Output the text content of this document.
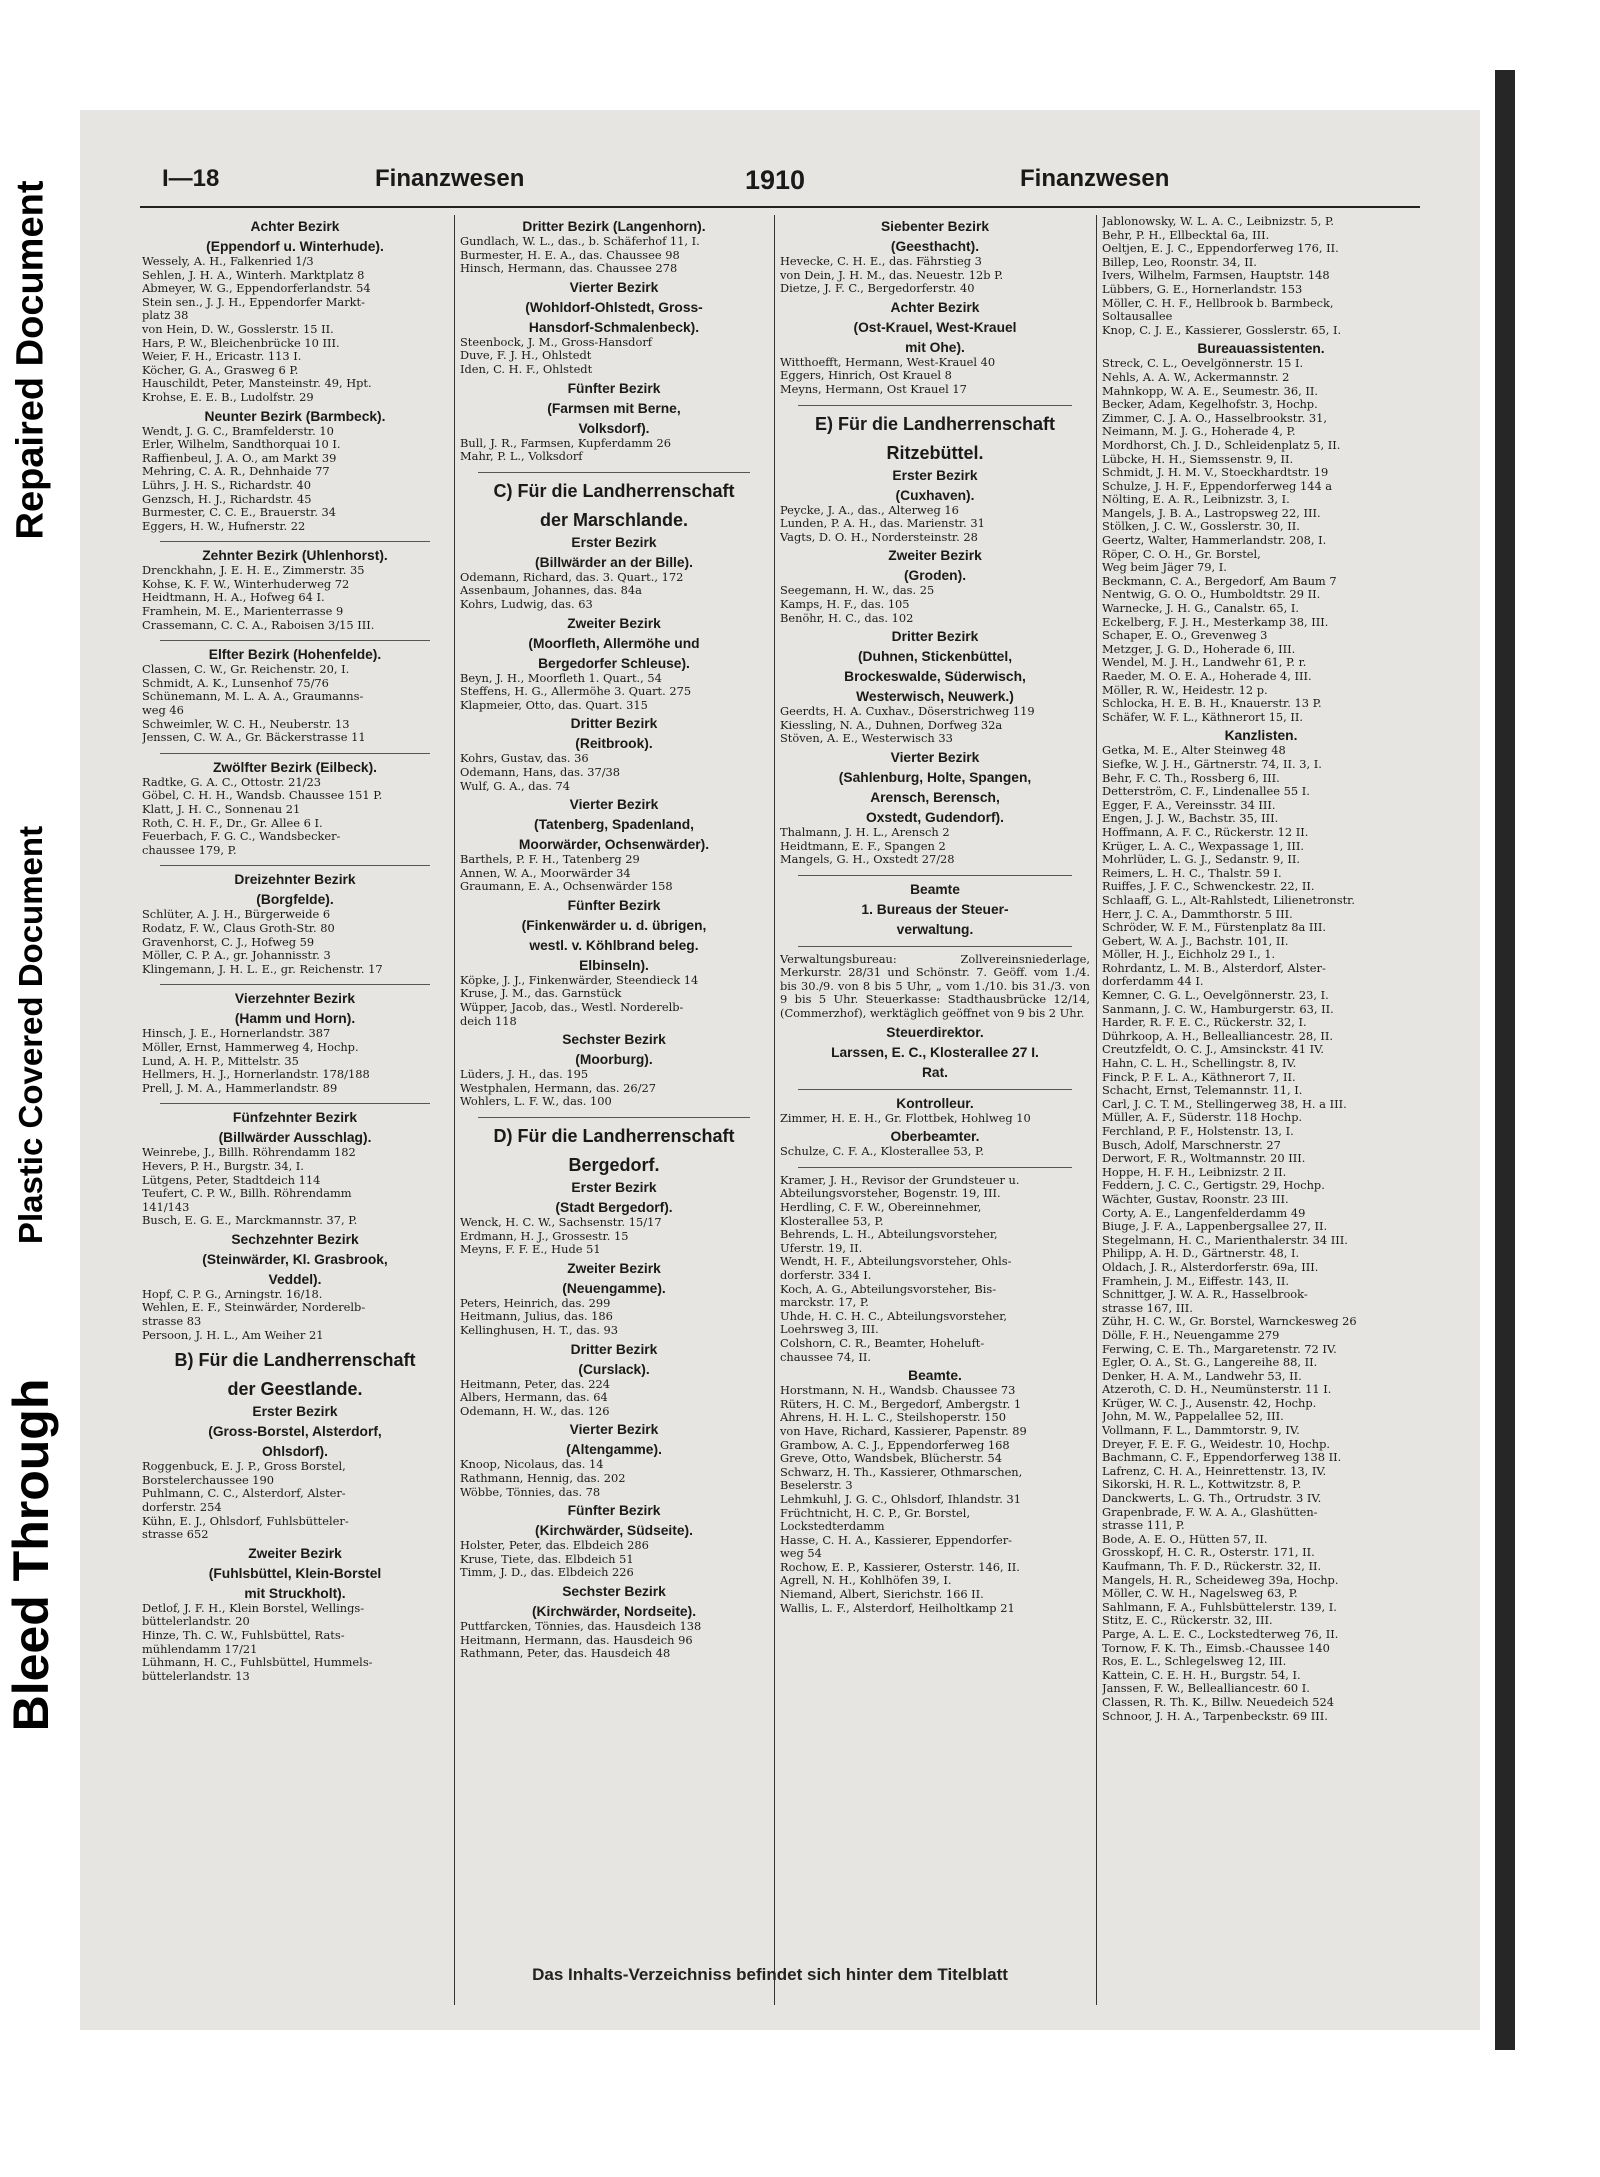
Repaired Document
Plastic Covered Document
Bleed Through
I—18	Finanzwesen	1910	Finanzwesen
Achter Bezirk
(Eppendorf u. Winterhude).
Wessely, A. H., Falkenried 1/3
Sehlen, J. H. A., Winterh. Marktplatz 8
Abmeyer, W. G., Eppendorferlandstr. 54
Stein sen., J. J. H., Eppendorfer Markt-
platz 38
von Hein, D. W., Gosslerstr. 15 II.
Hars, P. W., Bleichenbrücke 10 III.
Weier, F. H., Ericastr. 113 I.
Köcher, G. A., Grasweg 6 P.
Hauschildt, Peter, Mansteinstr. 49, Hpt.
Krohse, E. E. B., Ludolfstr. 29
Neunter Bezirk (Barmbeck).
Wendt, J. G. C., Bramfelderstr. 10
Erler, Wilhelm, Sandthorquai 10 I.
Raffienbeul, J. A. O., am Markt 39
Mehring, C. A. R., Dehnhaide 77
Lührs, J. H. S., Richardstr. 40
Genzsch, H. J., Richardstr. 45
Burmester, C. C. E., Brauerstr. 34
Eggers, H. W., Hufnerstr. 22
Zehnter Bezirk (Uhlenhorst).
Drenckhahn, J. E. H. E., Zimmerstr. 35
Kohse, K. F. W., Winterhuderweg 72
Heidtmann, H. A., Hofweg 64 I.
Framhein, M. E., Marienterrasse 9
Crassemann, C. C. A., Raboisen 3/15 III.
Elfter Bezirk (Hohenfelde).
Classen, C. W., Gr. Reichenstr. 20, I.
Schmidt, A. K., Lunsenhof 75/76
Schünemann, M. L. A. A., Graumanns-
weg 46
Schweimler, W. C. H., Neuberstr. 13
Jenssen, C. W. A., Gr. Bäckerstrasse 11
Zwölfter Bezirk (Eilbeck).
Radtke, G. A. C., Ottostr. 21/23
Göbel, C. H. H., Wandsb. Chaussee 151 P.
Klatt, J. H. C., Sonnenau 21
Roth, C. H. F., Dr., Gr. Allee 6 I.
Feuerbach, F. G. C., Wandsbecker-
chaussee 179, P.
Dreizehnter Bezirk
(Borgfelde).
Schlüter, A. J. H., Bürgerweide 6
Rodatz, F. W., Claus Groth-Str. 80
Gravenhorst, C. J., Hofweg 59
Möller, C. P. A., gr. Johannisstr. 3
Klingemann, J. H. L. E., gr. Reichenstr. 17
Vierzehnter Bezirk
(Hamm und Horn).
Hinsch, J. E., Hornerlandstr. 387
Möller, Ernst, Hammerweg 4, Hochp.
Lund, A. H. P., Mittelstr. 35
Hellmers, H. J., Hornerlandstr. 178/188
Prell, J. M. A., Hammerlandstr. 89
Fünfzehnter Bezirk
(Billwärder Ausschlag).
Weinrebe, J., Billh. Röhrendamm 182
Hevers, P. H., Burgstr. 34, I.
Lütgens, Peter, Stadtdeich 114
Teufert, C. P. W., Billh. Röhrendamm
141/143
Busch, E. G. E., Marckmannstr. 37, P.
Sechzehnter Bezirk
(Steinwärder, Kl. Grasbrook,
Veddel).
Hopf, C. P. G., Arningstr. 16/18.
Wehlen, E. F., Steinwärder, Norderelb-
strasse 83
Persoon, J. H. L., Am Weiher 21
B) Für die Landherrenschaft
der Geestlande.
Erster Bezirk
(Gross-Borstel, Alsterdorf,
Ohlsdorf).
Roggenbuck, E. J. P., Gross Borstel,
Borstelerchaussee 190
Puhlmann, C. C., Alsterdorf, Alster-
dorferstr. 254
Kühn, E. J., Ohlsdorf, Fuhlsbütteler-
strasse 652
Zweiter Bezirk
(Fuhlsbüttel, Klein-Borstel
mit Struckholt).
Detlof, J. F. H., Klein Borstel, Wellings-
büttelerlandstr. 20
Hinze, Th. C. W., Fuhlsbüttel, Rats-
mühlendamm 17/21
Lühmann, H. C., Fuhlsbüttel, Hummels-
büttelerlandstr. 13
Dritter Bezirk (Langenhorn).
Gundlach, W. L., das., b. Schäferhof 11, I.
Burmester, H. E. A., das. Chaussee 98
Hinsch, Hermann, das. Chaussee 278
Vierter Bezirk
(Wohldorf-Ohlstedt, Gross-
Hansdorf-Schmalenbeck).
Steenbock, J. M., Gross-Hansdorf
Duve, F. J. H., Ohlstedt
Iden, C. H. F., Ohlstedt
Fünfter Bezirk
(Farmsen mit Berne,
Volksdorf).
Bull, J. R., Farmsen, Kupferdamm 26
Mahr, P. L., Volksdorf
C) Für die Landherrenschaft
der Marschlande.
Erster Bezirk
(Billwärder an der Bille).
Odemann, Richard, das. 3. Quart., 172
Assenbaum, Johannes, das. 84a
Kohrs, Ludwig, das. 63
Zweiter Bezirk
(Moorfleth, Allermöhe und
Bergedorfer Schleuse).
Beyn, J. H., Moorfleth 1. Quart., 54
Steffens, H. G., Allermöhe 3. Quart. 275
Klapmeier, Otto, das. Quart. 315
Dritter Bezirk
(Reitbrook).
Kohrs, Gustav, das. 36
Odemann, Hans, das. 37/38
Wulf, G. A., das. 74
Vierter Bezirk
(Tatenberg, Spadenland,
Moorwärder, Ochsenwärder).
Barthels, P. F. H., Tatenberg 29
Annen, W. A., Moorwärder 34
Graumann, E. A., Ochsenwärder 158
Fünfter Bezirk
(Finkenwärder u. d. übrigen,
westl. v. Köhlbrand beleg.
Elbinseln).
Köpke, J. J., Finkenwärder, Steendieck 14
Kruse, J. M., das. Garnstück
Wüpper, Jacob, das., Westl. Norderelb-
deich 118
Sechster Bezirk
(Moorburg).
Lüders, J. H., das. 195
Westphalen, Hermann, das. 26/27
Wohlers, L. F. W., das. 100
D) Für die Landherrenschaft
Bergedorf.
Erster Bezirk
(Stadt Bergedorf).
Wenck, H. C. W., Sachsenstr. 15/17
Erdmann, H. J., Grossestr. 15
Meyns, F. F. E., Hude 51
Zweiter Bezirk
(Neuengamme).
Peters, Heinrich, das. 299
Heitmann, Julius, das. 186
Kellinghusen, H. T., das. 93
Dritter Bezirk
(Curslack).
Heitmann, Peter, das. 224
Albers, Hermann, das. 64
Odemann, H. W., das. 126
Vierter Bezirk
(Altengamme).
Knoop, Nicolaus, das. 14
Rathmann, Hennig, das. 202
Wöbbe, Tönnies, das. 78
Fünfter Bezirk
(Kirchwärder, Südseite).
Holster, Peter, das. Elbdeich 286
Kruse, Tiete, das. Elbdeich 51
Timm, J. D., das. Elbdeich 226
Sechster Bezirk
(Kirchwärder, Nordseite).
Puttfarcken, Tönnies, das. Hausdeich 138
Heitmann, Hermann, das. Hausdeich 96
Rathmann, Peter, das. Hausdeich 48
Siebenter Bezirk
(Geesthacht).
Hevecke, C. H. E., das. Fährstieg 3
von Dein, J. H. M., das. Neuestr. 12b P.
Dietze, J. F. C., Bergedorferstr. 40
Achter Bezirk
(Ost-Krauel, West-Krauel
mit Ohe).
Witthoefft, Hermann, West-Krauel 40
Eggers, Hinrich, Ost Krauel 8
Meyns, Hermann, Ost Krauel 17
E) Für die Landherrenschaft
Ritzebüttel.
Erster Bezirk
(Cuxhaven).
Peycke, J. A., das., Alterweg 16
Lunden, P. A. H., das. Marienstr. 31
Vagts, D. O. H., Nordersteinstr. 28
Zweiter Bezirk
(Groden).
Seegemann, H. W., das. 25
Kamps, H. F., das. 105
Benöhr, H. C., das. 102
Dritter Bezirk
(Duhnen, Stickenbüttel,
Brockeswalde, Süderwisch,
Westerwisch, Neuwerk.)
Geerdts, H. A. Cuxhav., Döserstrichweg 119
Kiessling, N. A., Duhnen, Dorfweg 32a
Stöven, A. E., Westerwisch 33
Vierter Bezirk
(Sahlenburg, Holte, Spangen,
Arensch, Berensch,
Oxstedt, Gudendorf).
Thalmann, J. H. L., Arensch 2
Heidtmann, E. F., Spangen 2
Mangels, G. H., Oxstedt 27/28
Beamte
1. Bureaus der Steuer-
verwaltung.
Verwaltungsbureau: Zollvereinsniederlage, Merkurstr. 28/31 und Schönstr. 7. Geöff. vom 1./4. bis 30./9. von 8 bis 5 Uhr, „ vom 1./10. bis 31./3. von 9 bis 5 Uhr. Steuerkasse: Stadthausbrücke 12/14, (Commerzhof), werktäglich geöffnet von 9 bis 2 Uhr.
Steuerdirektor.
Larssen, E. C., Klosterallee 27 I.
Rat.
Kontrolleur.
Zimmer, H. E. H., Gr. Flottbek, Hohlweg 10
Oberbeamter.
Schulze, C. F. A., Klosterallee 53, P.
Kramer, J. H., Revisor der Grundsteuer u.
Abteilungsvorsteher, Bogenstr. 19, III.
Herdling, C. F. W., Obereinnehmer,
Klosterallee 53, P.
Behrends, L. H., Abteilungsvorsteher,
Uferstr. 19, II.
Wendt, H. F., Abteilungsvorsteher, Ohls-
dorferstr. 334 I.
Koch, A. G., Abteilungsvorsteher, Bis-
marckstr. 17, P.
Uhde, H. C. H. C., Abteilungsvorsteher,
Loehrsweg 3, III.
Colshorn, C. R., Beamter, Hoheluft-
chaussee 74, II.
Beamte.
Horstmann, N. H., Wandsb. Chaussee 73
Rüters, H. C. M., Bergedorf, Ambergstr. 1
Ahrens, H. H. L. C., Steilshoperstr. 150
von Have, Richard, Kassierer, Papenstr. 89
Grambow, A. C. J., Eppendorferweg 168
Greve, Otto, Wandsbek, Blücherstr. 54
Schwarz, H. Th., Kassierer, Othmarschen,
Beselerstr. 3
Lehmkuhl, J. G. C., Ohlsdorf, Ihlandstr. 31
Früchtnicht, H. C. P., Gr. Borstel,
Lockstedterdamm
Hasse, C. H. A., Kassierer, Eppendorfer-
weg 54
Rochow, E. P., Kassierer, Osterstr. 146, II.
Agrell, N. H., Kohlhöfen 39, I.
Niemand, Albert, Sierichstr. 166 II.
Wallis, L. F., Alsterdorf, Heilholtkamp 21
Jablonowsky, W. L. A. C., Leibnizstr. 5, P.
Behr, P. H., Ellbecktal 6a, III.
Oeltjen, E. J. C., Eppendorferweg 176, II.
Billep, Leo, Roonstr. 34, II.
Ivers, Wilhelm, Farmsen, Hauptstr. 148
Lübbers, G. E., Hornerlandstr. 153
Möller, C. H. F., Hellbrook b. Barmbeck,
Soltausallee
Knop, C. J. E., Kassierer, Gosslerstr. 65, I.
Bureauassistenten.
Streck, C. L., Oevelgönnerstr. 15 I.
Nehls, A. A. W., Ackermannstr. 2
Mahnkopp, W. A. E., Seumestr. 36, II.
Becker, Adam, Kegelhofstr. 3, Hochp.
Zimmer, C. J. A. O., Hasselbrookstr. 31,
Neimann, M. J. G., Hoherade 4, P.
Mordhorst, Ch. J. D., Schleidenplatz 5, II.
Lübcke, H. H., Siemssenstr. 9, II.
Schmidt, J. H. M. V., Stoeckhardtstr. 19
Schulze, J. H. F., Eppendorferweg 144 a
Nölting, E. A. R., Leibnizstr. 3, I.
Mangels, J. B. A., Lastropsweg 22, III.
Stölken, J. C. W., Gosslerstr. 30, II.
Geertz, Walter, Hammerlandstr. 208, I.
Röper, C. O. H., Gr. Borstel,
Weg beim Jäger 79, I.
Beckmann, C. A., Bergedorf, Am Baum 7
Nentwig, G. O. O., Humboldtstr. 29 II.
Warnecke, J. H. G., Canalstr. 65, I.
Eckelberg, F. J. H., Mesterkamp 38, III.
Schaper, E. O., Grevenweg 3
Metzger, J. G. D., Hoherade 6, III.
Wendel, M. J. H., Landwehr 61, P. r.
Raeder, M. O. E. A., Hoherade 4, III.
Möller, R. W., Heidestr. 12 p.
Schlocka, H. E. B. H., Knauerstr. 13 P.
Schäfer, W. F. L., Käthnerort 15, II.
Kanzlisten.
Getka, M. E., Alter Steinweg 48
Siefke, W. J. H., Gärtnerstr. 74, II. 3, I.
Behr, F. C. Th., Rossberg 6, III.
Detterström, C. F., Lindenallee 55 I.
Egger, F. A., Vereinsstr. 34 III.
Engen, J. J. W., Bachstr. 35, III.
Hoffmann, A. F. C., Rückerstr. 12 II.
Krüger, L. A. C., Wexpassage 1, III.
Mohrlüder, L. G. J., Sedanstr. 9, II.
Reimers, L. H. C., Thalstr. 59 I.
Ruiffes, J. F. C., Schwenckestr. 22, II.
Schlaaff, G. L., Alt-Rahlstedt, Lilienetronstr.
Herr, J. C. A., Dammthorstr. 5 III.
Schröder, W. F. M., Fürstenplatz 8a III.
Gebert, W. A. J., Bachstr. 101, II.
Möller, H. J., Eichholz 29 I., 1.
Rohrdantz, L. M. B., Alsterdorf, Alster-
dorferdamm 44 I.
Kemner, C. G. L., Oevelgönnerstr. 23, I.
Sanmann, J. C. W., Hamburgerstr. 63, II.
Harder, R. F. E. C., Rückerstr. 32, I.
Dührkoop, A. H., Bellealliancestr. 28, II.
Creutzfeldt, O. C. J., Amsinckstr. 41 IV.
Hahn, C. L. H., Schellingstr. 8, IV.
Finck, P. F. L. A., Käthnerort 7, II.
Schacht, Ernst, Telemannstr. 11, I.
Carl, J. C. T. M., Stellingerweg 38, H. a III.
Müller, A. F., Süderstr. 118 Hochp.
Ferchland, P. F., Holstenstr. 13, I.
Busch, Adolf, Marschnerstr. 27
Derwort, F. R., Woltmannstr. 20 III.
Hoppe, H. F. H., Leibnizstr. 2 II.
Feddern, J. C. C., Gertigstr. 29, Hochp.
Wächter, Gustav, Roonstr. 23 III.
Corty, A. E., Langenfelderdamm 49
Biuge, J. F. A., Lappenbergsallee 27, II.
Stegelmann, H. C., Marienthalerstr. 34 III.
Philipp, A. H. D., Gärtnerstr. 48, I.
Oldach, J. R., Alsterdorferstr. 69a, III.
Framhein, J. M., Eiffestr. 143, II.
Schnittger, J. W. A. R., Hasselbrook-
strasse 167, III.
Zühr, H. C. W., Gr. Borstel, Warnckesweg 26
Dölle, F. H., Neuengamme 279
Ferwing, C. E. Th., Margaretenstr. 72 IV.
Egler, O. A., St. G., Langereihe 88, II.
Denker, H. A. M., Landwehr 53, II.
Atzeroth, C. D. H., Neumünsterstr. 11 I.
Krüger, W. C. J., Ausenstr. 42, Hochp.
John, M. W., Pappelallee 52, III.
Vollmann, F. L., Dammtorstr. 9, IV.
Dreyer, F. E. F. G., Weidestr. 10, Hochp.
Bachmann, C. F., Eppendorferweg 138 II.
Lafrenz, C. H. A., Heinrettenstr. 13, IV.
Sikorski, H. R. L., Kottwitzstr. 8, P.
Danckwerts, L. G. Th., Ortrudstr. 3 IV.
Grapenbrade, F. W. A. A., Glashütten-
strasse 111, P.
Bode, A. E. O., Hütten 57, II.
Grosskopf, H. C. R., Osterstr. 171, II.
Kaufmann, Th. F. D., Rückerstr. 32, II.
Mangels, H. R., Scheideweg 39a, Hochp.
Möller, C. W. H., Nagelsweg 63, P.
Sahlmann, F. A., Fuhlsbüttelerstr. 139, I.
Stitz, E. C., Rückerstr. 32, III.
Parge, A. L. E. C., Lockstedterweg 76, II.
Tornow, F. K. Th., Eimsb.-Chaussee 140
Ros, E. L., Schlegelsweg 12, III.
Kattein, C. E. H. H., Burgstr. 54, I.
Janssen, F. W., Bellealliancestr. 60 I.
Classen, R. Th. K., Billw. Neuedeich 524
Schnoor, J. H. A., Tarpenbeckstr. 69 III.
Das Inhalts-Verzeichniss befindet sich hinter dem Titelblatt
